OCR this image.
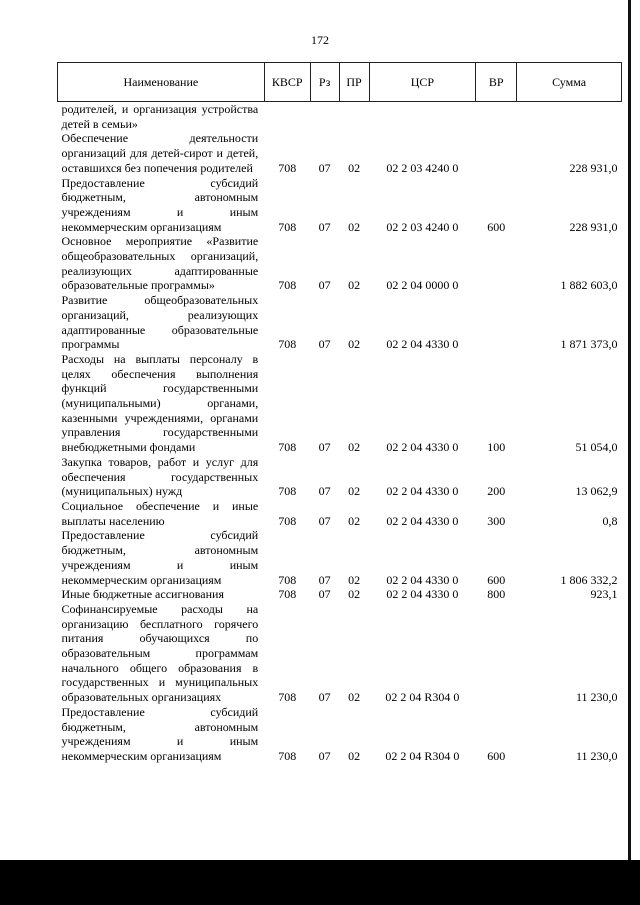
172
Наименование	КВСР	Рз	ПР	ЦСР	ВР	Сумма
родителей, и организация устройства детей в семьи»						
Обеспечение деятельности организаций для детей-сирот и детей, оставшихся без попечения родителей	708	07	02	02 2 03 4240 0		228 931,0
Предоставление субсидий бюджетным, автономным учреждениям и иным некоммерческим организациям	708	07	02	02 2 03 4240 0	600	228 931,0
Основное мероприятие «Развитие общеобразовательных организаций, реализующих адаптированные образовательные программы»	708	07	02	02 2 04 0000 0		1 882 603,0
Развитие общеобразовательных организаций, реализующих адаптированные образовательные программы	708	07	02	02 2 04 4330 0		1 871 373,0
Расходы на выплаты персоналу в целях обеспечения выполнения функций государственными (муниципальными) органами, казенными учреждениями, органами управления государственными внебюджетными фондами	708	07	02	02 2 04 4330 0	100	51 054,0
Закупка товаров, работ и услуг для обеспечения государственных (муниципальных) нужд	708	07	02	02 2 04 4330 0	200	13 062,9
Социальное обеспечение и иные выплаты населению	708	07	02	02 2 04 4330 0	300	0,8
Предоставление субсидий бюджетным, автономным учреждениям и иным некоммерческим организациям	708	07	02	02 2 04 4330 0	600	1 806 332,2
Иные бюджетные ассигнования	708	07	02	02 2 04 4330 0	800	923,1
Софинансируемые расходы на организацию бесплатного горячего питания обучающихся по образовательным программам начального общего образования в государственных и муниципальных образовательных организациях	708	07	02	02 2 04 R304 0		11 230,0
Предоставление субсидий бюджетным, автономным учреждениям и иным некоммерческим организациям	708	07	02	02 2 04 R304 0	600	11 230,0
